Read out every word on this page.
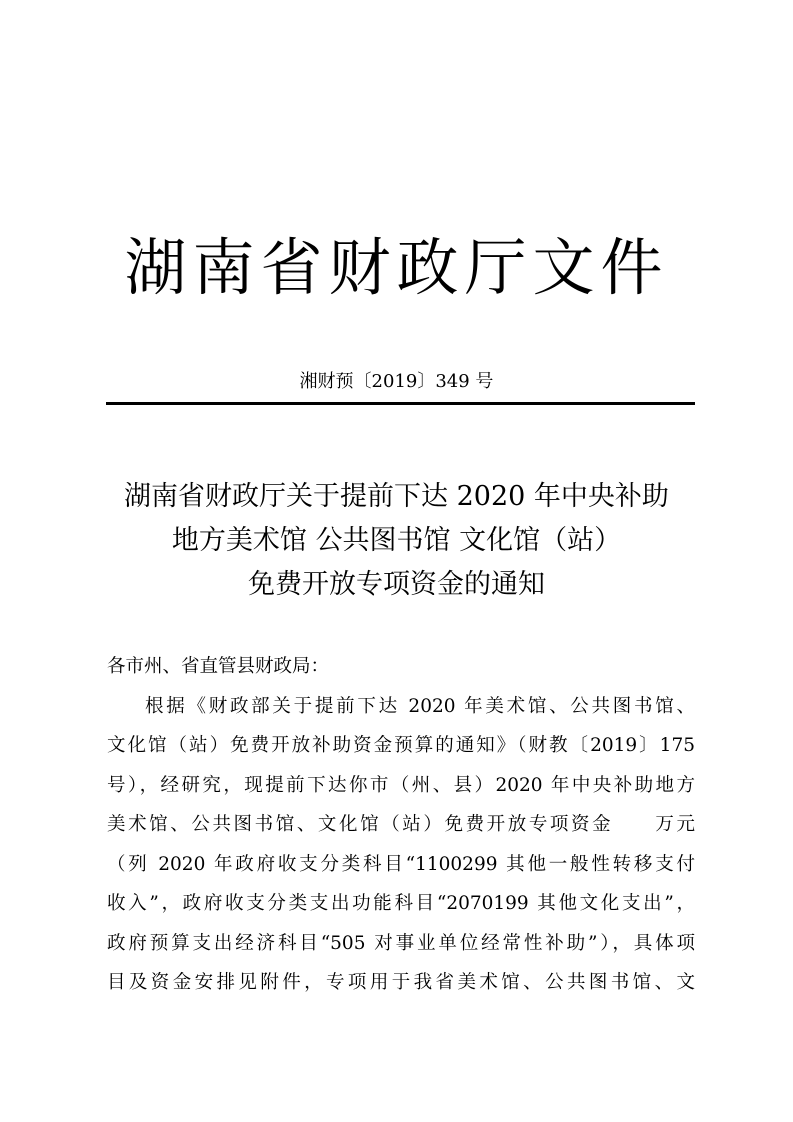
湖南省财政厅文件
湘财预〔2019〕349 号
湖南省财政厅关于提前下达 2020 年中央补助
地方美术馆 公共图书馆 文化馆（站）
免费开放专项资金的通知
各市州、省直管县财政局：
根据《财政部关于提前下达 2020 年美术馆、公共图书馆、
文化馆（站）免费开放补助资金预算的通知》（财教〔2019〕175
号），经研究，现提前下达你市（州、县）2020 年中央补助地方
美术馆、公共图书馆、文化馆（站）免费开放专项资金　　万元
（列 2020 年政府收支分类科目“1100299 其他一般性转移支付
收入”，政府收支分类支出功能科目“2070199 其他文化支出”，
政府预算支出经济科目“505 对事业单位经常性补助”），具体项
目及资金安排见附件，专项用于我省美术馆、公共图书馆、文
